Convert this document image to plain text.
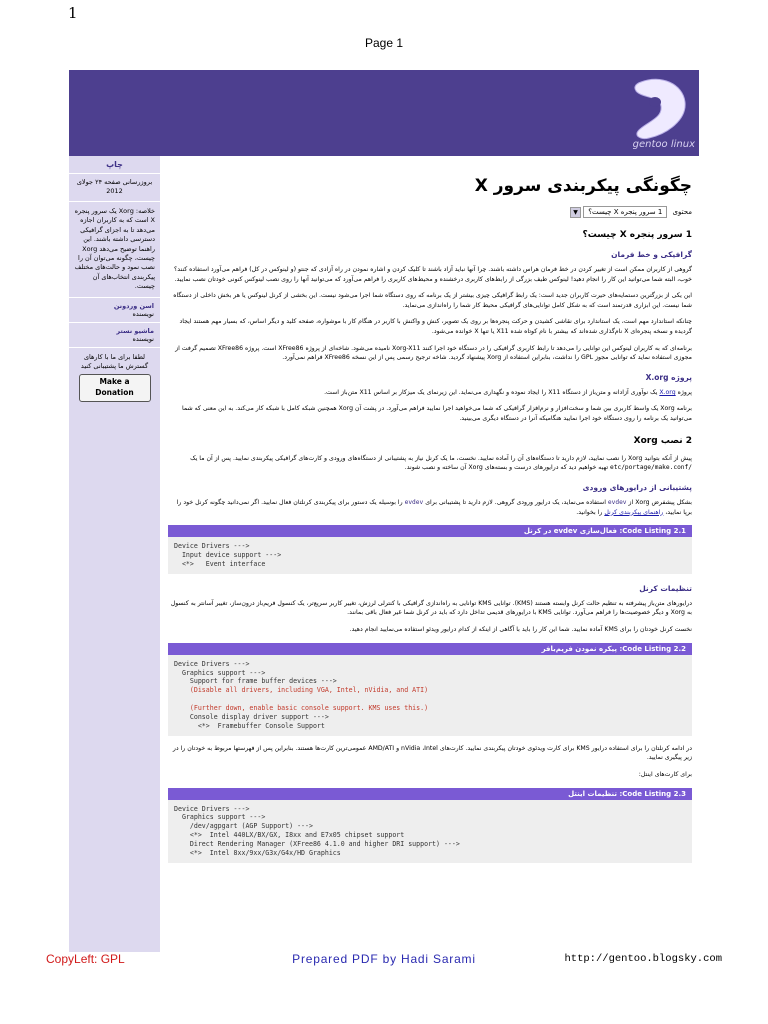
1
Page 1
gentoo linux
چاپ
بروزرسانی صفحه ۲۴ جولای 2012
خلاصه: Xorg یک سرور پنجره X است که به کاربران اجازه می‌دهد تا به اجزای گرافیکی دسترسی داشته باشند. این راهنما توضیح می‌دهد Xorg چیست، چگونه می‌توان آن را نصب نمود و حالت‌های مختلف پیکربندی انتخاب‌های آن چیست.
اسن وردونن
نویسنده
ماشیو نستر
نویسنده
لطفا برای ما با کارهای گسترش ما پشتیبانی کنید
Make a Donation
چگونگی پیکربندی سرور X
محتوی 1 سرور پنجره X چیست؟ ▼
1 سرور پنجره X چیست؟
گرافیکی و خط فرمان

گروهی از کاربران ممکن است از تغییر کردن در خط فرمان هراس داشته باشند. چرا آنها نباید آزاد باشند تا کلیک کردن و اشاره نمودن در راه آزادی که جنتو (و لینوکس در کل) فراهم می‌آورد استفاده کنند؟ خوب، البته شما می‌توانید این کار را انجام دهید! لینوکس طیف بزرگی از رابط‌های کاربری درخشنده و محیط‌های کاربری را فراهم می‌آورد که می‌توانید آنها را روی نصب لینوکس کنونی خودتان نصب نمایید.

این یکی از بزرگترین دستمایه‌های حیرت کاربران جدید است: یک رابط گرافیکی چیزی بیشتر از یک برنامه که روی دستگاه شما اجرا می‌شود نیست. این بخشی از کرنل لینوکس یا هر بخش داخلی از دستگاه شما نیست. این ابزاری قدرتمند است که به شکل کامل توانایی‌های گرافیکی محیط کار شما را راه‌اندازی می‌نماید.

چنانکه استاندارد مهم است، یک استاندارد برای نقاشی کشیدن و حرکت پنجره‌ها بر روی یک تصویر، کنش و واکنش با کاربر در هنگام کار با موشواره، صفحه کلید و دیگر اساس، که بسیار مهم هستند ایجاد گردیده و نسخه پنجره‌ای X نام‌گذاری شده‌اند که بیشتر با نام کوتاه شده X11 یا تنها X خوانده می‌شود.

برنامه‌ای که به کاربران لینوکس این توانایی را می‌دهد تا رابط کاربری گرافیکی را در دستگاه خود اجرا کنند Xorg-X11 نامیده می‌شود. شاخه‌ای از پروژه XFree86 است. پروژه XFree86 تصمیم گرفت از مجوزی استفاده نماید که توانایی مجوز GPL را نداشت، بنابراین استفاده از Xorg پیشنهاد گردید. شاخه ترجیح رسمی پس از این نسخه XFree86 فراهم نمی‌آورد.

پروژه X.org

پروژه X.org یک نوآوری آزادانه و متن‌باز از دستگاه X11 را ایجاد نموده و نگهداری می‌نماید. این زیرنمای یک میزکار بر اساس X11 متن‌باز است.

برنامه Xorg یک واسط کاربری بین شما و سخت‌افزار و نرم‌افزار گرافیکی که شما می‌خواهید اجرا نمایید فراهم می‌آورد. در پشت آن Xorg همچنین شبکه کامل با شبکه کار می‌کند. به این معنی که شما می‌توانید یک برنامه را روی دستگاه خود اجرا نمایید هنگامیکه آنرا در دستگاه دیگری می‌بینید.

2 نصب Xorg

پیش از آنکه بتوانید Xorg را نصب نمایید، لازم دارید تا دستگاه‌های آن را آماده نمایید. نخست، ما یک کرنل نیاز به پشتیبانی از دستگاه‌های ورودی و کارت‌های گرافیکی پیکربندی نمایید. پس از آن ما یک /etc/portage/make.conf تهیه خواهیم دید که درایورهای درست و بسته‌های Xorg آن ساخته و نصب شوند.

پشتیبانی از درایورهای ورودی

بشکل پیشفرض Xorg از evdev استفاده می‌نماید، یک درایور ورودی گروهی. لازم دارید تا پشتیبانی برای evdev را بوسیله یک دستور برای پیکربندی کرنلتان فعال نمایید. اگر نمی‌دانید چگونه کرنل خود را برپا نمایید، راهنمای پیکربندی کرنل را بخوانید.

Code Listing 2.1: فعال‌سازی evdev در کرنل
Device Drivers --->
Input device support --->
<*>   Event interface
تنظیمات کرنل

درایورهای متن‌باز پیشرفته به تنظیم حالت کرنل وابسته هستند (KMS). توانایی KMS توانایی به راه‌اندازی گرافیکی با کنترلی لرزش، تغییر کاربر سریع‌تر، یک کنسول فریم‌باز درون‌ساز، تغییر آسانتر به کنسول به Xorg و دیگر خصوصیت‌ها را فراهم می‌آورد. توانایی KMS با درایورهای قدیمی تداخل دارد که باید در کرنل شما غیر فعال باقی بمانند.

نخست کرنل خودتان را برای KMS آماده نمایید. شما این کار را باید با آگاهی از اینکه از کدام درایور ویدئو استفاده می‌نمایید انجام دهید.

Code Listing 2.2: پیکره نمودن فریم‌بافر
Device Drivers --->
Graphics support --->
Support for frame buffer devices --->
(Disable all drivers, including VGA, Intel, nVidia, and ATI)

(Further down, enable basic console support. KMS uses this.)
Console display driver support --->
<*>  Framebuffer Console Support

در ادامه کرنلتان را برای استفاده درایور KMS برای کارت ویدئوی خودتان پیکربندی نمایید. کارت‌های nVidia ،Intel و AMD/ATI عمومی‌ترین کارت‌ها هستند. بنابراین پس از فهرستها مربوط به خودتان را در زیر پیگیری نمایید.

برای کارت‌های اینتل:

Code Listing 2.3: تنظیمات اینتل
Device Drivers --->
Graphics support --->
/dev/agpgart (AGP Support) --->
<*>  Intel 440LX/BX/GX, I8xx and E7x05 chipset support
Direct Rendering Manager (XFree86 4.1.0 and higher DRI support) --->
<*>  Intel 8xx/9xx/G3x/G4x/HD Graphics
CopyLeft: GPL	Prepared PDF by Hadi Sarami	http://gentoo.blogsky.com
